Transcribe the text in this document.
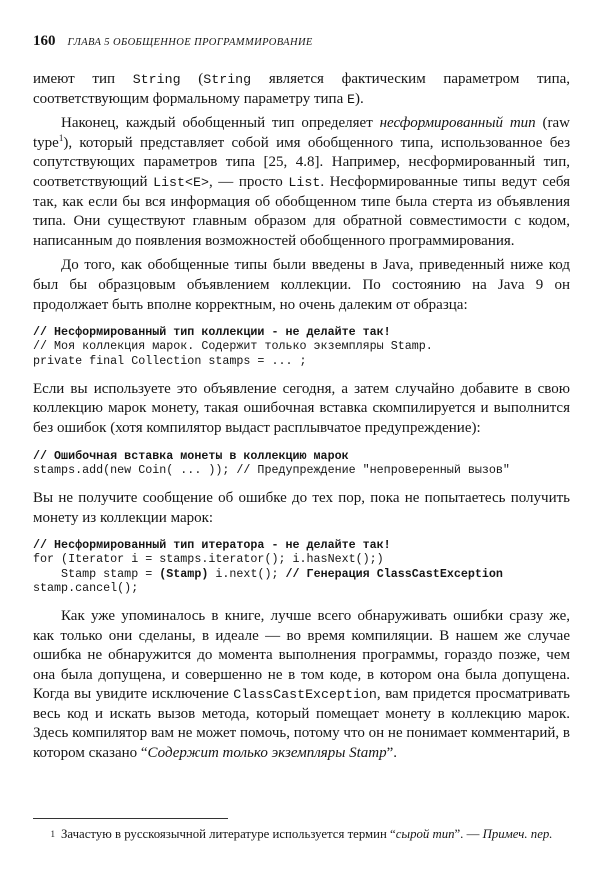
160 ГЛАВА 5 ОБОБЩЕННОЕ ПРОГРАММИРОВАНИЕ

имеют тип String (String является фактическим параметром типа, соответствующим формальному параметру типа E).

Наконец, каждый обобщенный тип определяет несформированный тип (raw type$^1$), который представляет собой имя обобщенного типа, использованное без сопутствующих параметров типа [25, 4.8]. Например, несформированный тип, соответствующий List<E>, — просто List. Несформированные типы ведут себя так, как если бы вся информация об обобщенном типе была стерта из объявления типа. Они существуют главным образом для обратной совместимости с кодом, написанным до появления возможностей обобщенного программирования.

До того, как обобщенные типы были введены в Java, приведенный ниже код был бы образцовым объявлением коллекции. По состоянию на Java 9 он продолжает быть вполне корректным, но очень далеким от образца:

// Несформированный тип коллекции - не делайте так!
// Моя коллекция марок. Содержит только экземпляры Stamp.
private final Collection stamps = ... ;

Если вы используете это объявление сегодня, а затем случайно добавите в свою коллекцию марок монету, такая ошибочная вставка скомпилируется и выполнится без ошибок (хотя компилятор выдаст расплывчатое предупреждение):

// Ошибочная вставка монеты в коллекцию марок
stamps.add(new Coin( ... )); // Предупреждение "непроверенный вызов"

Вы не получите сообщение об ошибке до тех пор, пока не попытаетесь получить монету из коллекции марок:

// Несформированный тип итератора - не делайте так!
for (Iterator i = stamps.iterator(); i.hasNext();)
Stamp stamp = (Stamp) i.next(); // Генерация ClassCastException
stamp.cancel();

Как уже упоминалось в книге, лучше всего обнаруживать ошибки сразу же, как только они сделаны, в идеале — во время компиляции. В нашем же случае ошибка не обнаружится до момента выполнения программы, гораздо позже, чем она была допущена, и совершенно не в том коде, в котором она была допущена. Когда вы увидите исключение ClassCastException, вам придется просматривать весь код и искать вызов метода, который помещает монету в коллекцию марок. Здесь компилятор вам не может помочь, потому что он не понимает комментарий, в котором сказано “Содержит только экземпляры Stamp”.

1 Зачастую в русскоязычной литературе используется термин “сырой тип”. — Примеч. пер.
